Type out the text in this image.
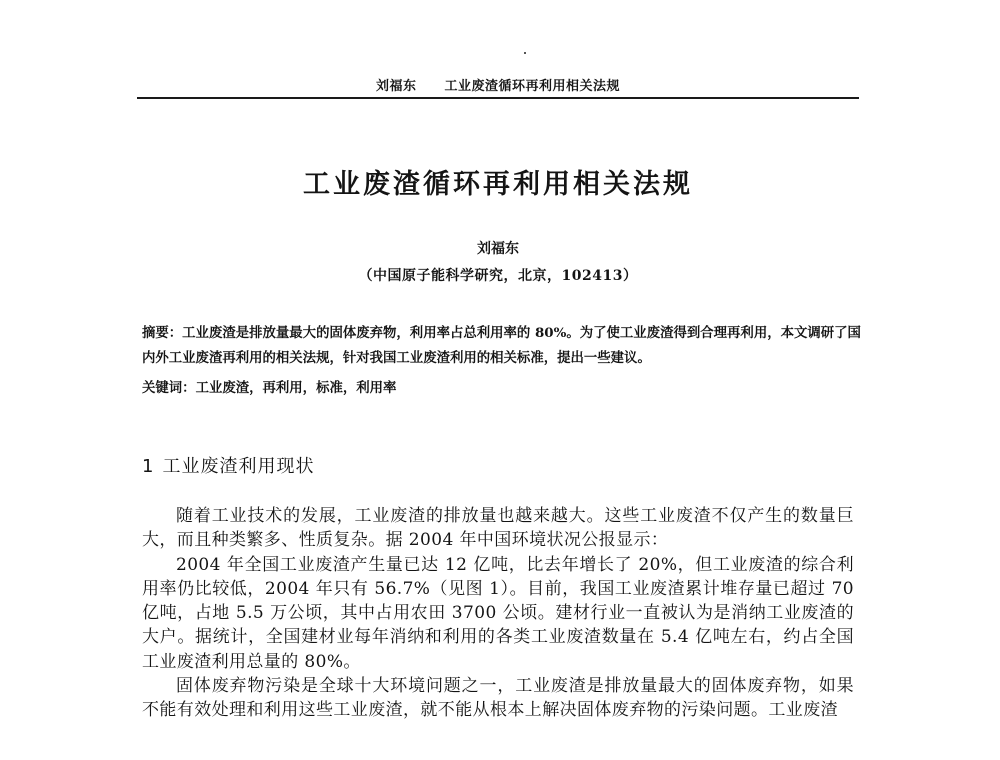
刘福东 工业废渣循环再利用相关法规
工业废渣循环再利用相关法规
刘福东
（中国原子能科学研究，北京，102413）
摘要：工业废渣是排放量最大的固体废弃物，利用率占总利用率的 80%。为了使工业废渣得到合理再利用，本文调研了国内外工业废渣再利用的相关法规，针对我国工业废渣利用的相关标准，提出一些建议。
关键词：工业废渣，再利用，标准，利用率
1 工业废渣利用现状

随着工业技术的发展，工业废渣的排放量也越来越大。这些工业废渣不仅产生的数量巨大，而且种类繁多、性质复杂。据 2004 年中国环境状况公报显示：

2004 年全国工业废渣产生量已达 12 亿吨，比去年增长了 20%，但工业废渣的综合利用率仍比较低，2004 年只有 56.7%（见图 1）。目前，我国工业废渣累计堆存量已超过 70 亿吨，占地 5.5 万公顷，其中占用农田 3700 公顷。建材行业一直被认为是消纳工业废渣的大户。据统计，全国建材业每年消纳和利用的各类工业废渣数量在 5.4 亿吨左右，约占全国工业废渣利用总量的 80%。

固体废弃物污染是全球十大环境问题之一，工业废渣是排放量最大的固体废弃物，如果不能有效处理和利用这些工业废渣，就不能从根本上解决固体废弃物的污染问题。工业废渣
